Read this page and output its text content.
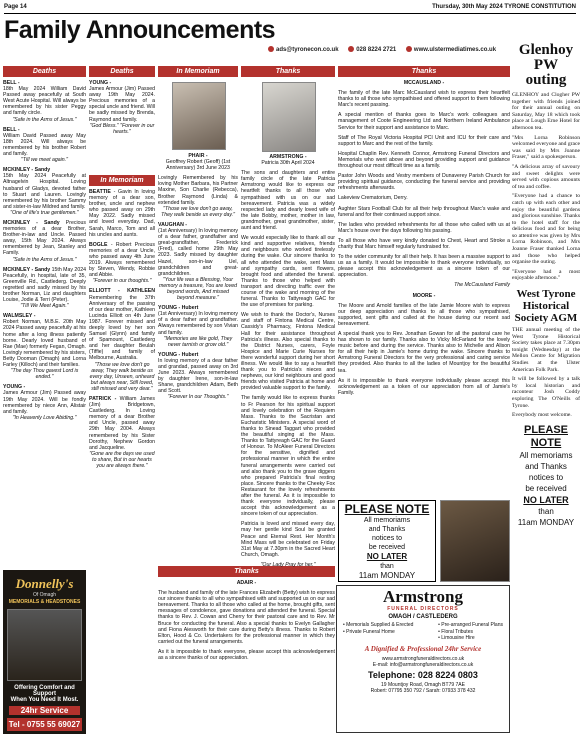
Page 14	Thursday, 30th May 2024 TYRONE CONSTITUTION
Family Announcements
ads@tyronecon.co.uk	028 8224 2721	www.ulstermediatimes.co.uk
Deaths	Deaths	In Memoriam	Thanks	Thanks
In Memoriam
Thanks

BELL -
18th May 2024 William David Passed away peacefully at South West Acute Hospital. Will always be remembered by his sister Peggy and family circle.
"Safe in the Arms of Jesus."

BELL -
William David Passed away May 18th 2024. Will always be remembered by his brother Robert and family.
"Till we meet again."

MCKINLEY - Sandy
15th May 2024 Peacefully at Altnagelvin Hospital. Loving husband of Gladys, devoted father to Stuart and Lauren. Lovingly remembered by his brother Sammy and sister-in-law Mildred and family.
"One of life's true gentlemen."

MCKINLEY - Sandy Precious memories of a dear Brother, Brother-in-law and Uncle. Passed away, 15th May 2024. Always remembered by Jean, Stanley and Family.
"Safe in the Arms of Jesus."

MCKINLEY - Sandy 15th May 2024 Peacefully, in hospital, late of 35, Greenville Rd., Castlederg. Deeply regretted and sadly missed by his brother Norman, Liz and daughters Louise, Jodie & Terri (Peter).
"Till We Meet Again."

WALMSLEY -
Robert Norman, M.B.E. 20th May 2024 Passed away peacefully at his home after a long illness patiently borne. Dearly loved husband of Rae (Mae) formerly Fegan, Omagh. Lovingly remembered by his sisters, Betty Dooman (Omagh) and Lorna Farley (Killoch) and their families.
"The day Thou gavest Lord is ended."

YOUNG -
James Armour (Jim) Passed away 19th May 2024. Will be fondly remembered by niece Ann, Alistair and family.
"In Heavenly Love Abiding."

Donnelly's
Of Omagh
MEMORIALS & HEADSTONES
Offering Comfort and Support
When You Need It Most.
24hr Service
Tel - 0755 55 69027

YOUNG -
James Armour (Jim) Passed away 19th May 2024. Precious memories of a special uncle and friend. Will be sadly missed by Brenda, Raymond and family.
"God Bless." "Forever in our hearts."

BEATTIE - Gavin In loving memory of a dear son, brother, uncle and nephew who passed away on 29th May 2022. Sadly missed and loved everyday. Dad, Sarah, Marco, Tom and all his uncles and aunts.

BOGLE - Robert Precious memories of a dear Uncle, who passed away 4th June 2019. Always remembered by Steven, Wendy, Robbie and Abbie.
"Forever in our thoughts."

ELLIOTT - KATHLEEN Remembering the 37th Anniversary of the passing of our dear mother, Kathleen Lucinda Elliott on 4th June 1987. Forever missed and deeply loved by her son Samuel (Glynn) and family of Spamount, Castlederg and her daughter Beulah (Tiffie) and family of Melbourne, Australia.
"Those we love don't go away, They walk beside us every day, Unseen, unheard but always near, Still loved, still missed and very dear."

PATRICK - William James (Jim) Bridgetown, Castlederg. In Loving memory of a dear Brother and Uncle, passed away 29th May 2004. Always remembered by his Sister Dorothy, Nephew Gordon and Jacqueline.
"Gone are the days we used to share, But in our hearts you are always there."

PHAIR -
Geoffrey Robert (Geoff) (1st Anniversary) 3rd June 2023

Lovingly Remembered by his loving Mother Barbara, his Partner Maxine, Son Charlie (Rebecca), Brother Raymond (Linda) & extended family.
"Those we love don't go away, They walk beside us every day."

VAUGHAN -
(1st Anniversary) In loving memory of a dear father, grandfather and great-grandfather, Frederick (Fred), called home 29th May 2023. Sadly missed by daughter Hazel, son-in-law Uel, grandchildren and great-grandchildren.
"Your life was a Blessing, Your memory a treasure, You are loved beyond words, And missed beyond measure."

YOUNG - Hubert
(1st Anniversary) In loving memory of a dear father and grandfather. Always remembered by son Vivian and family.
"Memories are like gold, They never tarnish or grow old."

YOUNG - Hubert
In loving memory of a dear father and grandad, passed away on 3rd June 2023. Always remembered by daughter Irene, son-in-law Shane, grandchildren Adam, Beth and Scott.
"Forever In our Thoughts."

ARMSTRONG -
Patricia 30th April 2024

The sons and daughters and entire family circle of the late Patricia Armstrong would like to express our heartfelt thanks to all those who sympathised with us on our sad bereavement. Patricia was a widely respected lady and dearly loved wife of the late Bobby, mother, mother in law, grandmother, great grandmother, sister, aunt and friend.

We would especially like to thank all our kind and supportive relatives, friends and neighbours who worked tirelessly during the wake. Our sincere thanks to all who attended the wake, sent Mass and sympathy cards, sent flowers, brought food and attended the funeral. Thanks to those who helped with transport and directing traffic over the course of the wake and morning of the funeral. Thanks to Tattyreagh GAC for the use of premises for parking.

We wish to thank the Doctor's, Nurses and staff of Fintona Medical Centre, Cassidy's Pharmacy, Fintona Medical Hall for their assistance throughout Patricia's illness. Also special thanks to the District Nurses, carers, Foyle Hospice and Marie Curie Nurses for there wonderful support during her short illness. We would like to say a heartfelt thank you to Patricia's nieces and nephews, our kind neighbours and good friends who visited Patricia at home and provided valuable support to the family.

The family would like to express thanks to Fr Pearson for his spiritual support and lovely celebration of the Requiem Mass. Thanks to the Sacristan and Eucharistic Ministers. A special word of thanks to Sinead Taggart who provided the beautiful singing at the Mass. Thanks to Tattyreagh GAC for the Guard of Honour. To McAleer Funeral Directors for the sensitive, dignified and professional manner in which the entire funeral arrangements were carried out and also thank you to the grave diggers who prepared Patricia's final resting place. Sincere thanks to the Cheeky Fox Restaurant for the lovely refreshments after the funeral. As it is impossible to thank everyone individually, please accept this acknowledgement as a sincere token of our appreciation.

Patricia is loved and missed every day, may her gentle kind Soul be granted Peace and Eternal Rest. Her Month's Mind Mass will be celebrated on Friday 31st May at 7.30pm in the Sacred Heart Church, Omagh.

"Our Lady Pray for her."

ADAIR -

The husband and family of the late Frances Elizabeth (Betty) wish to express our sincere thanks to all who sympathised with and supported us on our sad bereavement. Thanks to all those who called at the home, brought gifts, sent messages of condolence, gave donations and attended the funeral. Special thanks to Rev. J. Cowan and Cherry for their pastoral care and to Rev. Mr Bruce for conducting the funeral. Also a special thanks to Evelyn Gallagher and Fiona Aiesworth for their care during Betty's illness. Thanks to Robert Elton, Hood & Co. Undertakers for the professional manner in which they carried out the funeral arrangements.

As it is impossible to thank everyone, please accept this acknowledgement as a sincere thanks of our appreciation.

MCCAUSLAND -

The family of the late Marc McCausland wish to express their heartfelt thanks to all those who sympathised and offered support to them following Marc's recent passing.

A special mention of thanks goes to Marc's work colleagues and management of Coote Engineering Ltd and Northern Ireland Ambulance Service for their support and assistance to Marc.

Staff of The Royal Victoria Hospital PCI Unit and ICU for their care and support to Marc and the rest of the family.

Hospital Chaplin Rev. Kenneth Connor, Armstrong Funeral Directors and Memorials who went above and beyond providing support and guidance throughout our most difficult time as a family.

Pastor John Woods and Vestry members of Dunaverey Parish Church for providing spiritual guidance, conducting the funeral service and providing refreshments afterwards.

Lakeview Crematorium, Derry.

Aughter Stars Football Club for all their help throughout Marc's wake and funeral and for their continued support since.

The ladies who provided refreshments for all those who called with us at Marc's house over the days following his passing.

To all those who have very kindly donated to Chest, Heart and Stroke a charity that Marc himself regularly fundraised for.

To the wider community for all their help. It has been a massive support to us as a family. It would be impossible to thank everyone individually, so please accept this acknowledgement as a sincere token of our appreciation.

The McCausland Family

MOORE -

The Moore and Arnold families of the late Jamie Moore wish to express our deep appreciation and thanks to all those who sympathised, supported, sent gifts and called at the house during our recent sad bereavement.

A special thank you to Rev. Jonathan Gowan for all the pastoral care he has shown to our family. Thanks also to Vicky McFarland for the lovely music before and during the service. Thanks also to Michelle and Alison for all their help in Jamie's home during the wake. Sincere thanks to Armstrong Funeral Directors for the very professional and caring service they provided. Also thanks to all the ladies of Mountjoy for the beautiful tea.

As it is impossible to thank everyone individually please accept this acknowledgement as a token of our appreciation from all of Jamie's Family.

PLEASE NOTE
All memoriams
and Thanks
notices to
be received
NO LATER
than
11am MONDAY
Armstrong
FUNERAL DIRECTORS
OMAGH / CASTLEDERG
• Memorials Supplied & Erected
• Private Funeral Home
• Pre-arranged Funeral Plans
• Floral Tributes
• Limousine Hire
A Dignified & Professional 24hr Service
www.armstrongfuneraldirectors.co.uk
E-mail: info@armstrongfuneraldirectors.co.uk
Telephone: 028 8224 0803
19 Mountjoy Road, Omagh BT79 7AE
Robert: 07795 350 792 / Sarah: 07933 378 432
Glenhoy PW outing

GLENHOY and Clogher PW together with friends joined for their annual outing on Saturday, May 18 which took place at Lough Erne Hotel for afternoon tea.

"Mrs Lorna Robinson welcomed everyone and grace was said by Mrs Joanne Fraser," said a spokesperson.

"A delicious array of savoury and sweet delights were served with copious amounts of tea and coffee.

"Everyone had a chance to catch up with each other and enjoy the beautiful gardens and glorious sunshine. Thanks to the hotel staff for the delicious food and for being so attentive was given by Mrs Lorna Robinson, and Mrs Joanne Fraser thanked Lorna and those who helped organise the outing.

"Everyone had a most enjoyable afternoon."

West Tyrone Historical Society AGM

THE annual meeting of the West Tyrone Historical Society takes place at 7.30pm tonight (Wednesday) at the Mellon Centre for Migration Studies at the Ulster American Folk Park.

It will be followed by a talk by local historian and raconteur Josh Coddy exploring The O'Neills of Tyrone.

Everybody most welcome.

PLEASE NOTE
All memoriams
and Thanks
notices to
be received
NO LATER
than
11am MONDAY
